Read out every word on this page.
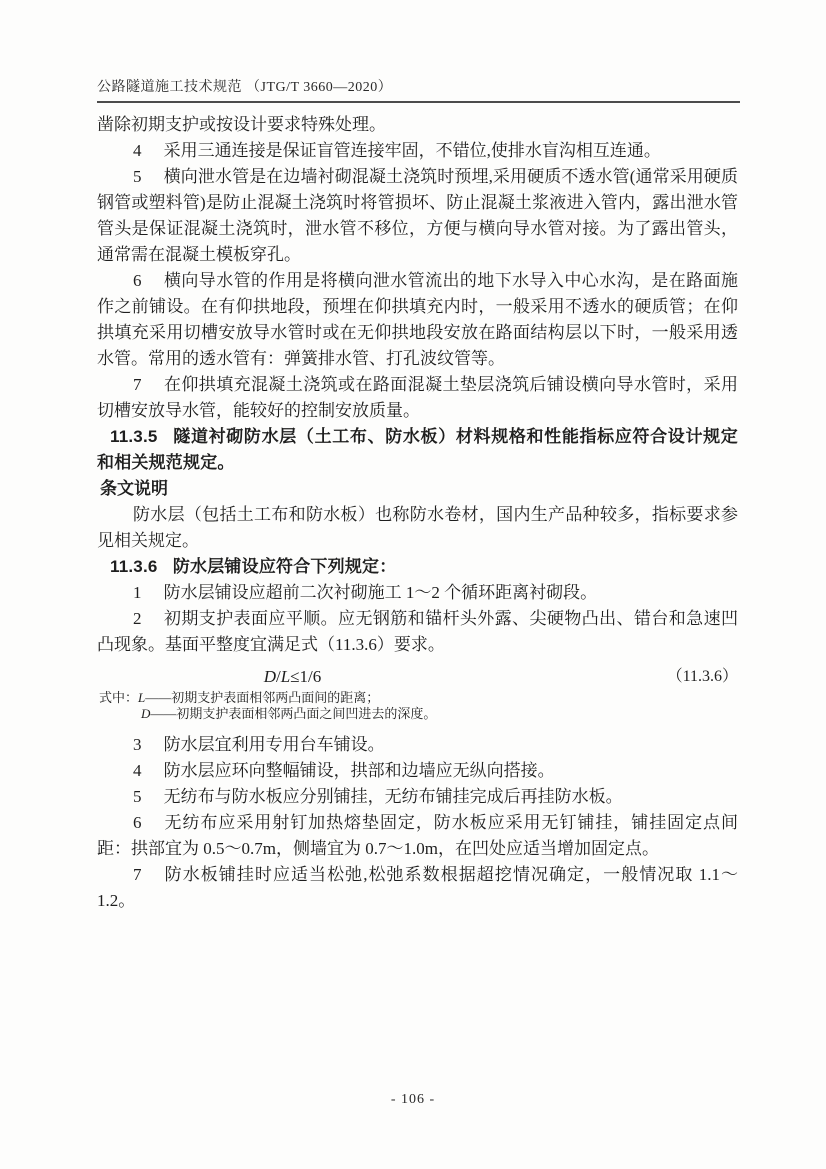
公路隧道施工技术规范 （JTG/T 3660—2020）

凿除初期支护或按设计要求特殊处理。

4 采用三通连接是保证盲管连接牢固，不错位,使排水盲沟相互连通。

5 横向泄水管是在边墙衬砌混凝土浇筑时预埋,采用硬质不透水管(通常采用硬质钢管或塑料管)是防止混凝土浇筑时将管损坏、防止混凝土浆液进入管内，露出泄水管管头是保证混凝土浇筑时，泄水管不移位，方便与横向导水管对接。为了露出管头，通常需在混凝土模板穿孔。

6 横向导水管的作用是将横向泄水管流出的地下水导入中心水沟，是在路面施作之前铺设。在有仰拱地段，预埋在仰拱填充内时，一般采用不透水的硬质管；在仰拱填充采用切槽安放导水管时或在无仰拱地段安放在路面结构层以下时，一般采用透水管。常用的透水管有：弹簧排水管、打孔波纹管等。

7 在仰拱填充混凝土浇筑或在路面混凝土垫层浇筑后铺设横向导水管时，采用切槽安放导水管，能较好的控制安放质量。

11.3.5 隧道衬砌防水层（土工布、防水板）材料规格和性能指标应符合设计规定和相关规范规定。

条文说明

防水层（包括土工布和防水板）也称防水卷材，国内生产品种较多，指标要求参见相关规定。

11.3.6 防水层铺设应符合下列规定：

1 防水层铺设应超前二次衬砌施工 1～2 个循环距离衬砌段。

2 初期支护表面应平顺。应无钢筋和锚杆头外露、尖硬物凸出、错台和急速凹凸现象。基面平整度宜满足式（11.3.6）要求。

D/L≤1/6	（11.3.6）

式中：L——初期支护表面相邻两凸面间的距离；

D——初期支护表面相邻两凸面之间凹进去的深度。

3 防水层宜利用专用台车铺设。

4 防水层应环向整幅铺设，拱部和边墙应无纵向搭接。

5 无纺布与防水板应分别铺挂，无纺布铺挂完成后再挂防水板。

6 无纺布应采用射钉加热熔垫固定，防水板应采用无钉铺挂，铺挂固定点间距：拱部宜为 0.5～0.7m，侧墙宜为 0.7～1.0m，在凹处应适当增加固定点。

7 防水板铺挂时应适当松弛,松弛系数根据超挖情况确定，一般情况取 1.1～1.2。

- 106 -
